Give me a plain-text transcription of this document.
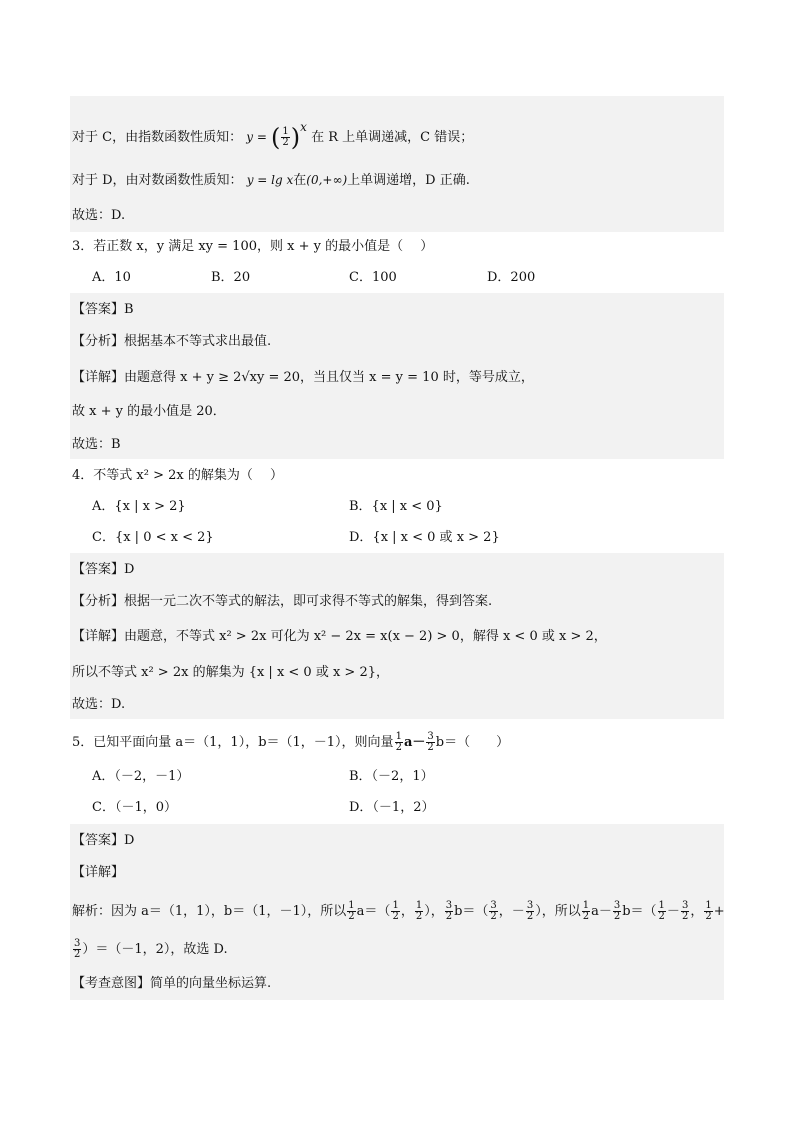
对于 C，由指数函数性质知： y = ( $\frac{1}{2} )x$ 在 R 上单调递减，C 错误；
对于 D，由对数函数性质知： y = lg x在(0,+∞)上单调递增，D 正确.
故选：D.
3．若正数 x，y 满足 xy = 100，则 x + y 的最小值是（　 ）
A．10	B．20	C．100	D．200
【答案】B
【分析】根据基本不等式求出最值.
【详解】由题意得 x + y ≥ 2√xy = 20，当且仅当 x = y = 10 时，等号成立，
故 x + y 的最小值是 20．
故选：B
4．不等式 x² > 2x 的解集为（　 ）
A．{x | x > 2}	B．{x | x < 0}
C．{x | 0 < x < 2}	D．{x | x < 0 或 x > 2}
【答案】D
【分析】根据一元二次不等式的解法，即可求得不等式的解集，得到答案.
【详解】由题意，不等式 x² > 2x 可化为 x² − 2x = x(x − 2) > 0，解得 x < 0 或 x > 2，
所以不等式 x² > 2x 的解集为 {x | x < 0 或 x > 2}，
故选：D.
5．已知平面向量 a＝（1，1），b＝（1，－1），则向量 $\frac{1}{2} a- \frac{3}{2} b=$（　　）
A．（－2，－1）	B．（－2，1）
C．（－1，0）	D．（－1，2）
【答案】D
【详解】
解析：因为 a＝（1，1），b＝（1，－1），所以 $\frac{1}{2} a=( \frac{1}{2}$ ， $\frac{1}{2}$ ）， $\frac{3}{2} b=( \frac{3}{2}$ ，－ $\frac{3}{2}$ ），所以 $\frac{1}{2} a- \frac{3}{2} b=( \frac{1}{2} - \frac{3}{2}$ ， $\frac{1}{2}$ +
$\frac{3}{2} )=(-1$，2），故选 D.
【考查意图】简单的向量坐标运算.
